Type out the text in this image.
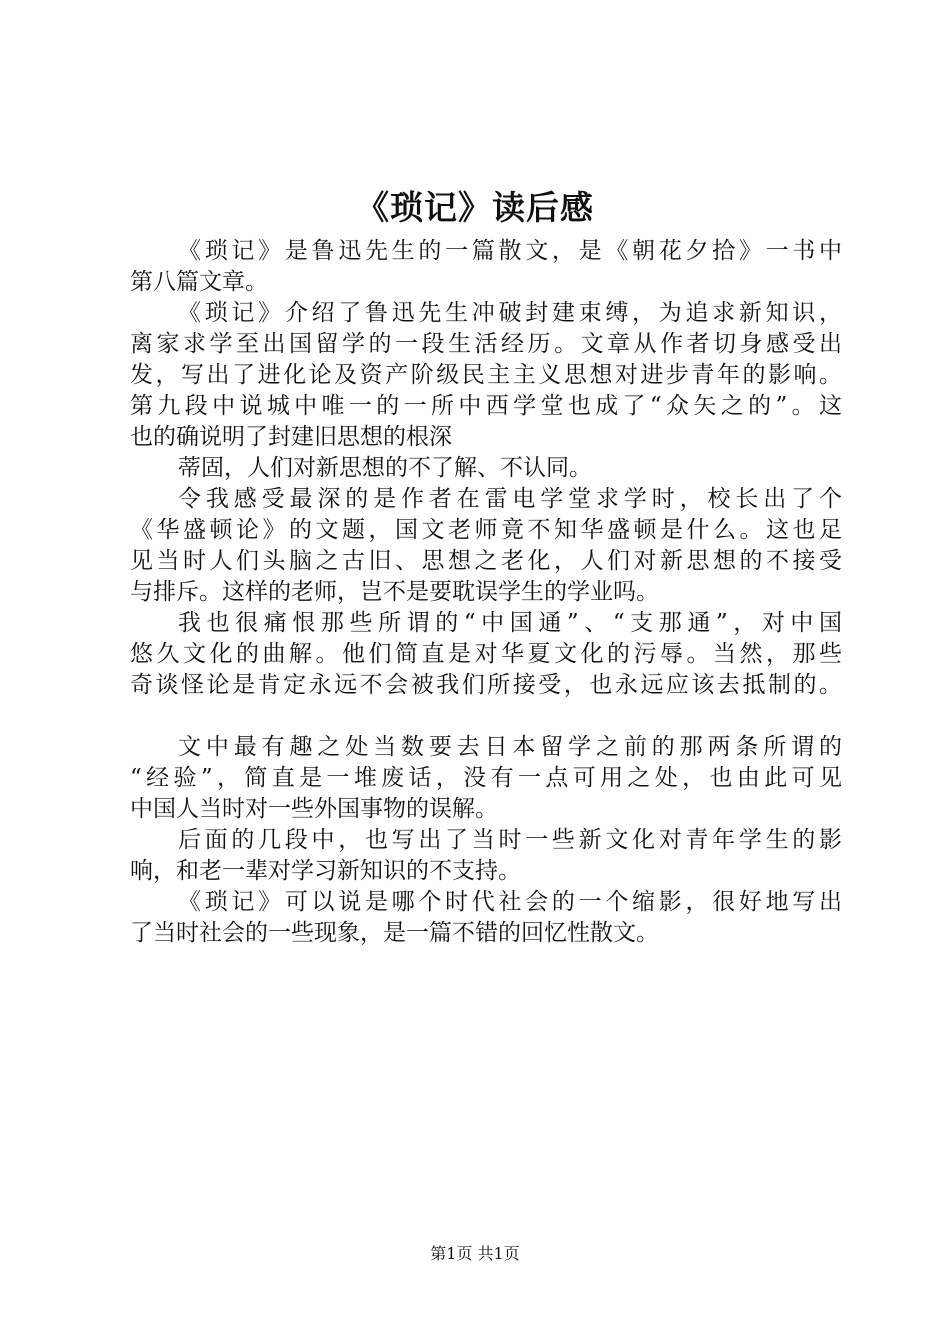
《琐记》读后感
《琐记》是鲁迅先生的一篇散文，是《朝花夕拾》一书中
第八篇文章。
《琐记》介绍了鲁迅先生冲破封建束缚，为追求新知识，
离家求学至出国留学的一段生活经历。文章从作者切身感受出
发，写出了进化论及资产阶级民主主义思想对进步青年的影响。
第九段中说城中唯一的一所中西学堂也成了“众矢之的”。这
也的确说明了封建旧思想的根深
蒂固，人们对新思想的不了解、不认同。
令我感受最深的是作者在雷电学堂求学时，校长出了个
《华盛顿论》的文题，国文老师竟不知华盛顿是什么。这也足
见当时人们头脑之古旧、思想之老化，人们对新思想的不接受
与排斥。这样的老师，岂不是要耽误学生的学业吗。
我也很痛恨那些所谓的“中国通”、“支那通”，对中国
悠久文化的曲解。他们简直是对华夏文化的污辱。当然，那些
奇谈怪论是肯定永远不会被我们所接受，也永远应该去抵制的。
文中最有趣之处当数要去日本留学之前的那两条所谓的
“经验”，简直是一堆废话，没有一点可用之处，也由此可见
中国人当时对一些外国事物的误解。
后面的几段中，也写出了当时一些新文化对青年学生的影
响，和老一辈对学习新知识的不支持。
《琐记》可以说是哪个时代社会的一个缩影，很好地写出
了当时社会的一些现象，是一篇不错的回忆性散文。
第1页 共1页
